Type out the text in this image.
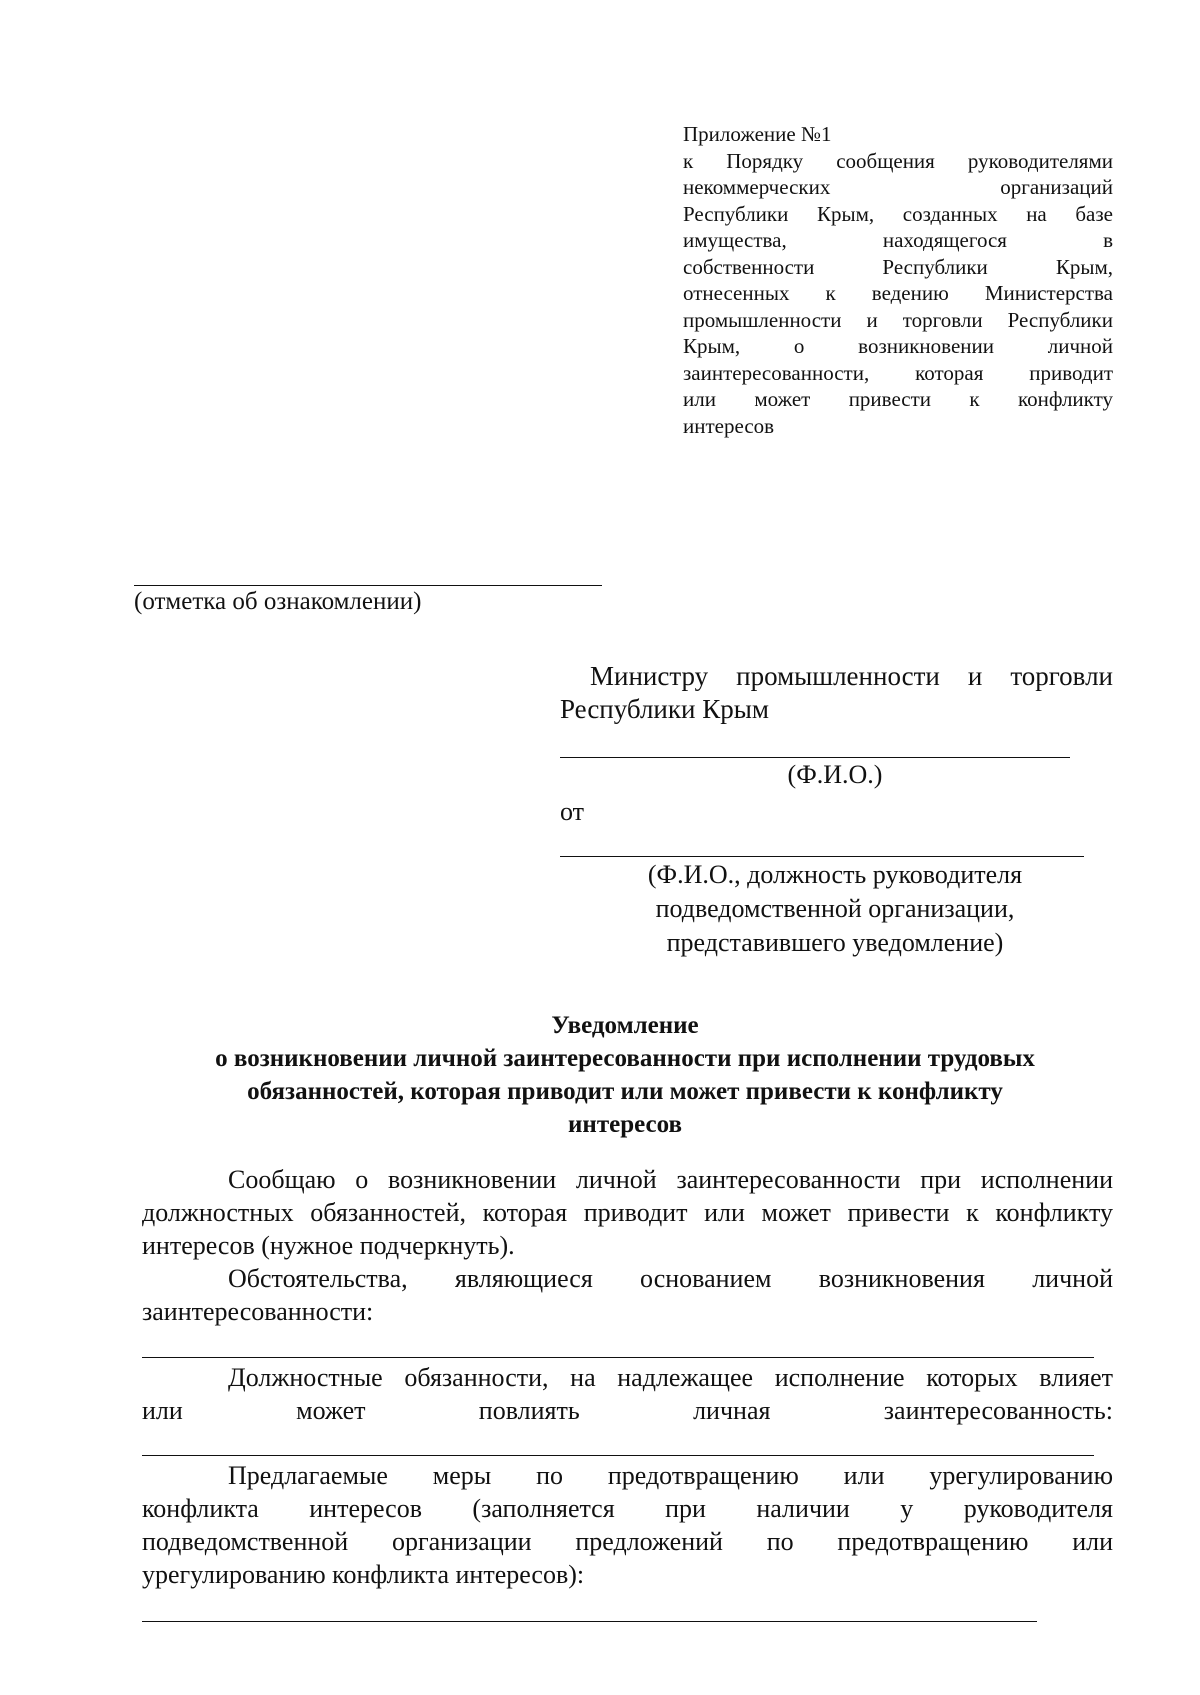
Приложение №1
к Порядку сообщения руководителями
некоммерческих организаций
Республики Крым, созданных на базе
имущества, находящегося в
собственности Республики Крым,
отнесенных к ведению Министерства
промышленности и торговли Республики
Крым, о возникновении личной
заинтересованности, которая приводит
или может привести к конфликту
интересов
(отметка об ознакомлении)
Министру промышленности и торговли
Республики Крым
(Ф.И.О.)
от
(Ф.И.О., должность руководителя
подведомственной организации,
представившего уведомление)
Уведомление
о возникновении личной заинтересованности при исполнении трудовых
обязанностей, которая приводит или может привести к конфликту
интересов

Сообщаю о возникновении личной заинтересованности при исполнении
должностных обязанностей, которая приводит или может привести к конфликту
интересов (нужное подчеркнуть).

Обстоятельства, являющиеся основанием возникновения личной
заинтересованности:

Должностные обязанности, на надлежащее исполнение которых влияет
или может повлиять личная заинтересованность:

Предлагаемые меры по предотвращению или урегулированию
конфликта интересов (заполняется при наличии у руководителя
подведомственной организации предложений по предотвращению или
урегулированию конфликта интересов):
